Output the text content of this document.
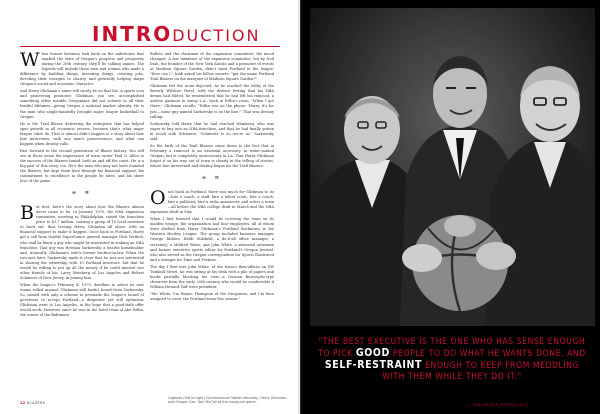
INTRODUCTION

When former listeners look back on the milestones that marked the state of Oregon's progress and prosperity during the 20th century, they'll be talking names. The legends will include those men and women who made a difference by building things, inventing things, creating jobs, devoting their energies to charity, and generally helping shape Oregon's social and economic character.

And Harry Glickman's name will surely be on that list. A sports icon and pioneering promoter, Glickman, you see, accomplished something other notable Oregonians did not achieve in all their fruitful lifetimes—giving Oregon a national market identity. He is the man who single-handedly brought major league basketball to Oregon.

He is Mr. Trail Blazer, delivering the enterprise that has helped spur growth in all economic sectors, because that's what major league cities do. That is almost didn't happen is a story about how fate intervenes, with one man's perseverance, and what can happen when destiny calls.

Fast forward to the second generation of Blazer history. You will see in those years the importance of team owner Paul G. Allen to the success of the Blazers brand, both on and off the court. He is a big part of this story, too. He's the man who may not have founded the Blazers, but kept them here through his financial support, his commitment to excellence in the people he hires, and his sheer love of the game.

❝ ❞

But first, here's the story about how the Blazers almost never came to be. In January 1970, the NBA expansion committee, meeting in Philadelphia, raised the franchise price to $3.7 million, causing a group of 10 local investors to back out, thus leaving Harry Glickman all alone, with no financial support to make it happen. Once back in Portland, Harry got a call from Seattle SuperSonics general manager Dick Vertlieb, who said he knew a guy who might be interested in staking an NBA franchise. That guy was Herman Sarkowsky, a Seattle homebuilder and, ironically, Glickman's wife's former brother-in-law. When the two met later, Sarkowsky made it clear that he was not interested in sharing the ownership with 10 Portland investors, but that he would be willing to put up all the money if he could interest two other friends of his, Larry Weinberg of Los Angeles and Robert Schmertz of New Jersey, in joining him.

When the league's February 4, 1970, deadline to select its new teams rolled around, Glickman still hadn't heard from Sarkowsky. So, armed with only a scheme to persuade the league's board of governors to accept Portland—a desperate yet still optimistic Glickman went to Los Angeles, in the hope that a good-faith offer would work. However, since he was in the hotel room of Abe Pollin, the owner of the Baltimore

Bullets and the chairman of the expansion committee, the mood changed. A few members of the expansion committee, led by Ned Irish, the founder of the New York Knicks and a promoter of events at Madison Square Garden, didn't want Portland in the league. "How can I," Irish asked his fellow owners, "put the name Portland Trail Blazers on the marquee of Madison Square Garden?"

Glickman left the room dejected. As he reached the lobby of the Beverly Wilshire Hotel, with the distinct feeling that his NBA dream had folded, he remembered that he had left his raincoat, a useless garment in sunny L.A., back in Pollin's room. "When I got there," Glickman recalls, "Pollin was on the phone: 'Harry, it's for you'—some guy named Sarkowsky is on the line.'" That was destiny calling.

Sarkowsky told Harry that he had reached Weinberg, who was eager to buy into an NBA franchise, and that he had finally gotten in touch with Schmertz. "Schmertz is in—we're in," Sarkowsky said.

So the birth of the Trail Blazers came down to the fact that in February a raincoat is an essential accessory in water-soaked Oregon, but is completely unnecessary in LA. That Harry Glickman forgot it on his way out of town is clearly in the telling of stories, where fate intervened and destiny began for the Trail Blazers.

❝ ❞

Once back in Portland, there was much for Glickman to do—hire a coach, a staff, hire a talent scout, hire a coach, hire a publicist, hire a radio announcer, and select a team—all before the NBA college draft in March and the NBA expansion draft in May.

When I first learned that I would be covering the team on its maiden voyage, the organization had four employees, all of whom were drafted from Harry Glickman's Portland Buckaroos in the Western Hockey League. The group included business manager George Rickles, Edith Stilsfield, a do-it-all office manager, a secretary; a Mildred Weiss; and John White, a seasoned newsman and former executive sports editor for Portland's Oregon Journal, who also served as the Oregon correspondent for Sports Illustrated and a stringer for Time and Fortune.

The day I first met John White, at the team's then-offices on SW Tumbull Street, he was sitting at his desk with a pile of papers and books partially blocking his view—a Duncan Burroughs-type character from the early 20th century who would be comfortable if William Howard Taft were president.

"Mr. White, I'm Wayne Thompson of the Oregonian, and I'm here assigned to cover the Portland team this season."

12 BLAZERS
Legends (left to right) Commissioner Walter Kennedy, Harry Glickman and Oregon Gov. Tom McCall at the inaugural game.

"THE BEST EXECUTIVE IS THE ONE WHO HAS SENSE ENOUGH TO PICK GOOD PEOPLE TO DO WHAT HE WANTS DONE, AND SELF-RESTRAINT ENOUGH TO KEEP FROM MEDDLING WITH THEM WHILE THEY DO IT."

— THEODORE ROOSEVELT
